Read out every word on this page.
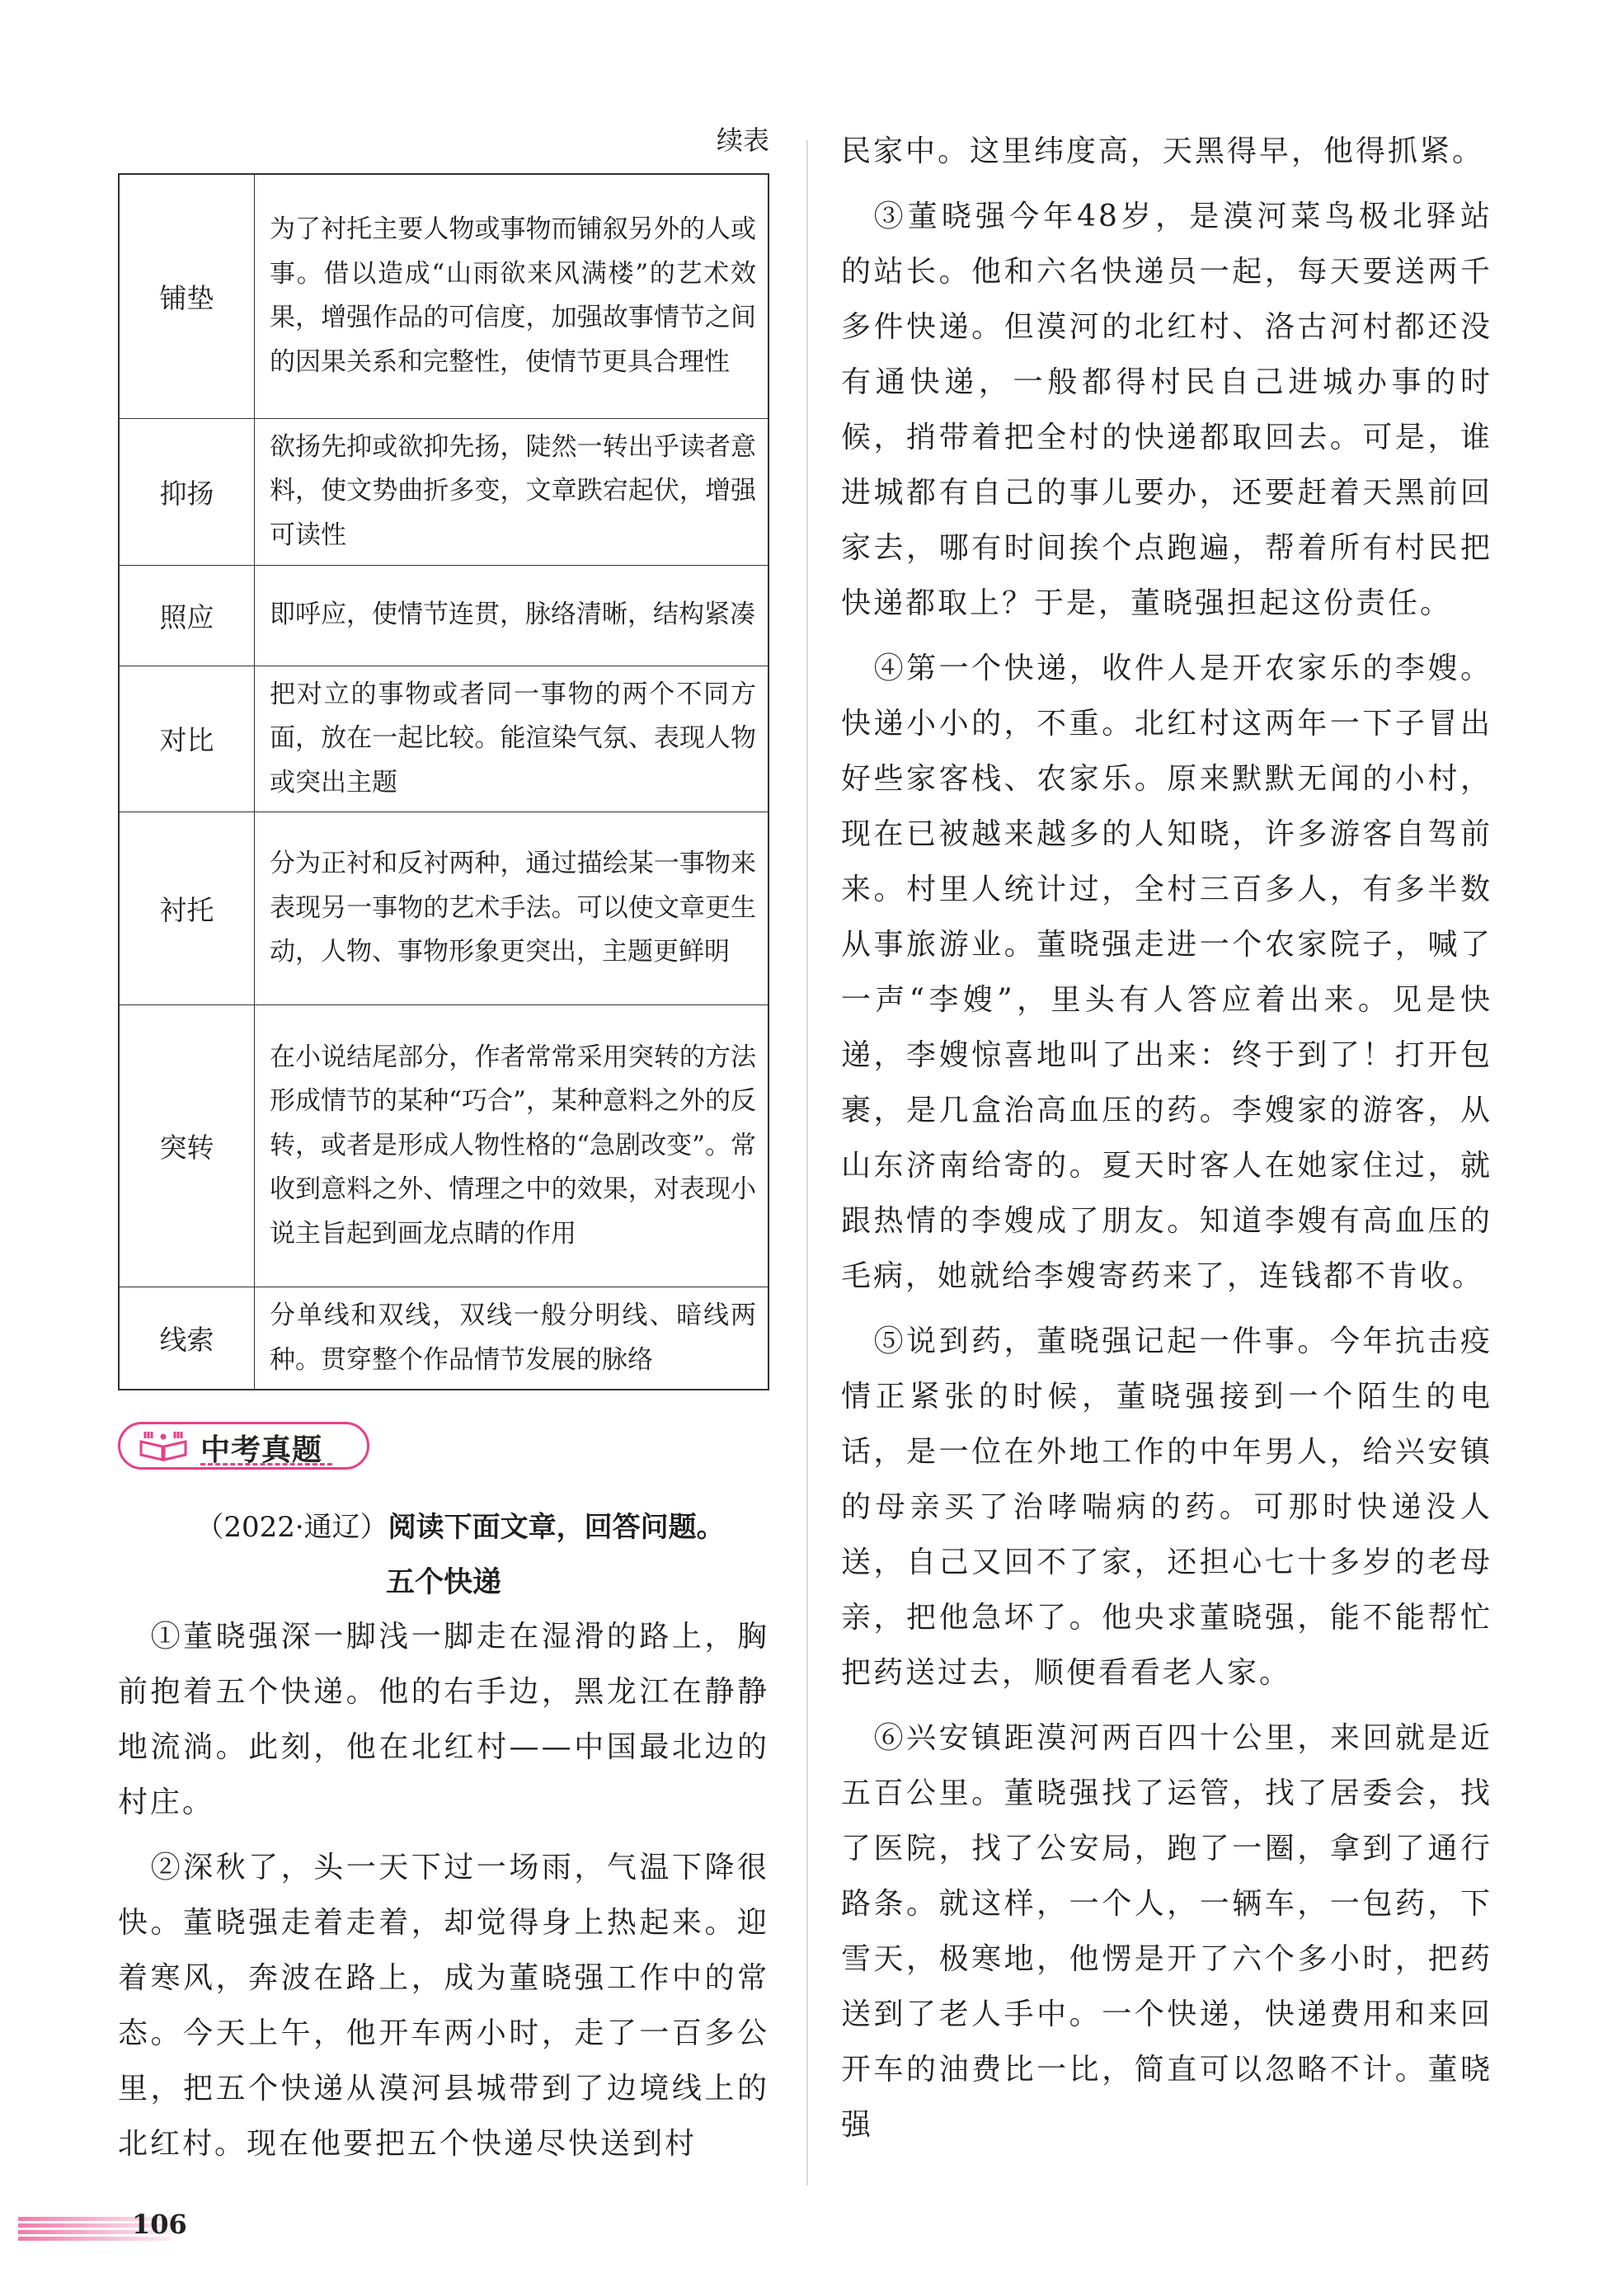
续表
铺垫	为了衬托主要人物或事物而铺叙另外的人或事。借以造成“山雨欲来风满楼”的艺术效果，增强作品的可信度，加强故事情节之间的因果关系和完整性，使情节更具合理性
抑扬	欲扬先抑或欲抑先扬，陡然一转出乎读者意料，使文势曲折多变，文章跌宕起伏，增强可读性
照应	即呼应，使情节连贯，脉络清晰，结构紧凑
对比	把对立的事物或者同一事物的两个不同方面，放在一起比较。能渲染气氛、表现人物或突出主题
衬托	分为正衬和反衬两种，通过描绘某一事物来表现另一事物的艺术手法。可以使文章更生动，人物、事物形象更突出，主题更鲜明
突转	在小说结尾部分，作者常常采用突转的方法形成情节的某种“巧合”，某种意料之外的反转，或者是形成人物性格的“急剧改变”。常收到意料之外、情理之中的效果，对表现小说主旨起到画龙点睛的作用
线索	分单线和双线，双线一般分明线、暗线两种。贯穿整个作品情节发展的脉络
中考真题
（2022·通辽）阅读下面文章，回答问题。
五个快递

①董晓强深一脚浅一脚走在湿滑的路上，胸前抱着五个快递。他的右手边，黑龙江在静静地流淌。此刻，他在北红村——中国最北边的村庄。

②深秋了，头一天下过一场雨，气温下降很快。董晓强走着走着，却觉得身上热起来。迎着寒风，奔波在路上，成为董晓强工作中的常态。今天上午，他开车两小时，走了一百多公里，把五个快递从漠河县城带到了边境线上的北红村。现在他要把五个快递尽快送到村

民家中。这里纬度高，天黑得早，他得抓紧。

③董晓强今年48岁，是漠河菜鸟极北驿站的站长。他和六名快递员一起，每天要送两千多件快递。但漠河的北红村、洛古河村都还没有通快递，一般都得村民自己进城办事的时候，捎带着把全村的快递都取回去。可是，谁进城都有自己的事儿要办，还要赶着天黑前回家去，哪有时间挨个点跑遍，帮着所有村民把快递都取上？于是，董晓强担起这份责任。

④第一个快递，收件人是开农家乐的李嫂。快递小小的，不重。北红村这两年一下子冒出好些家客栈、农家乐。原来默默无闻的小村，现在已被越来越多的人知晓，许多游客自驾前来。村里人统计过，全村三百多人，有多半数从事旅游业。董晓强走进一个农家院子，喊了一声“李嫂”，里头有人答应着出来。见是快递，李嫂惊喜地叫了出来：终于到了！打开包裹，是几盒治高血压的药。李嫂家的游客，从山东济南给寄的。夏天时客人在她家住过，就跟热情的李嫂成了朋友。知道李嫂有高血压的毛病，她就给李嫂寄药来了，连钱都不肯收。

⑤说到药，董晓强记起一件事。今年抗击疫情正紧张的时候，董晓强接到一个陌生的电话，是一位在外地工作的中年男人，给兴安镇的母亲买了治哮喘病的药。可那时快递没人送，自己又回不了家，还担心七十多岁的老母亲，把他急坏了。他央求董晓强，能不能帮忙把药送过去，顺便看看老人家。

⑥兴安镇距漠河两百四十公里，来回就是近五百公里。董晓强找了运管，找了居委会，找了医院，找了公安局，跑了一圈，拿到了通行路条。就这样，一个人，一辆车，一包药，下雪天，极寒地，他愣是开了六个多小时，把药送到了老人手中。一个快递，快递费用和来回开车的油费比一比，简直可以忽略不计。董晓强

106
